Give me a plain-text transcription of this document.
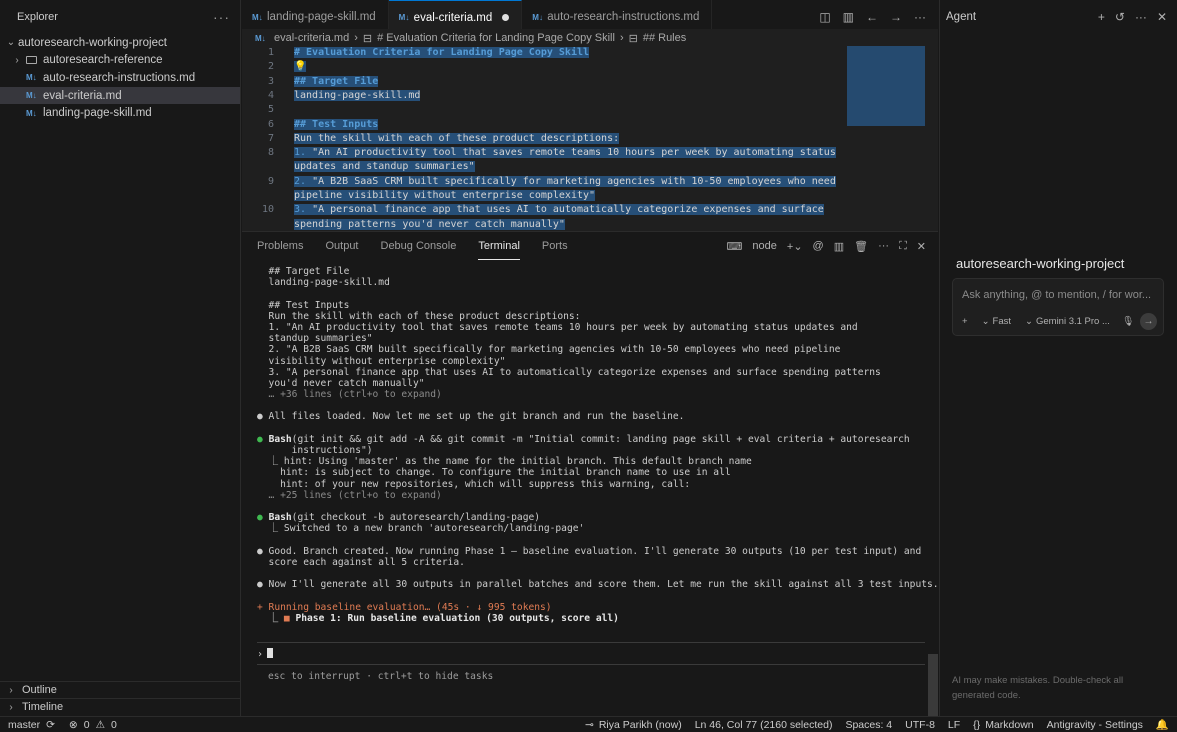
Explorer	···
⌄ autoresearch-working-project
› autoresearch-reference
M↓ auto-research-instructions.md
M↓ eval-criteria.md
M↓ landing-page-skill.md
› Outline
› Timeline
M↓ landing-page-skill.md	M↓ eval-criteria.md	M↓ auto-research-instructions.md	◫ ▥ ← → ···
M↓ eval-criteria.md › ⊟ # Evaluation Criteria for Landing Page Copy Skill › ⊟ ## Rules
1 # Evaluation Criteria for Landing Page Copy Skill
2 💡
3 ## Target File
4 landing-page-skill.md
5
6 ## Test Inputs
7 Run the skill with each of these product descriptions:
8 1. "An AI productivity tool that saves remote teams 10 hours per week by automating status
updates and standup summaries"
9 2. "A B2B SaaS CRM built specifically for marketing agencies with 10-50 employees who need
pipeline visibility without enterprise complexity"
10 3. "A personal finance app that uses AI to automatically categorize expenses and surface
spending patterns you'd never catch manually"
Problems Output Debug Console Terminal Ports	⌨ node +⌄ @ ▥ 🗑 ··· ⛶ ✕
## Target File
landing-page-skill.md
## Test Inputs
Run the skill with each of these product descriptions:
1. "An AI productivity tool that saves remote teams 10 hours per week by automating status updates and
standup summaries"
2. "A B2B SaaS CRM built specifically for marketing agencies with 10-50 employees who need pipeline
visibility without enterprise complexity"
3. "A personal finance app that uses AI to automatically categorize expenses and surface spending patterns
you'd never catch manually"
… +36 lines (ctrl+o to expand)
● All files loaded. Now let me set up the git branch and run the baseline.
● Bash(git init && git add -A && git commit -m "Initial commit: landing page skill + eval criteria + autoresearch
instructions")
⎿ hint: Using 'master' as the name for the initial branch. This default branch name
hint: is subject to change. To configure the initial branch name to use in all
hint: of your new repositories, which will suppress this warning, call:
… +25 lines (ctrl+o to expand)
● Bash(git checkout -b autoresearch/landing-page)
⎿ Switched to a new branch 'autoresearch/landing-page'
● Good. Branch created. Now running Phase 1 — baseline evaluation. I'll generate 30 outputs (10 per test input) and
score each against all 5 criteria.
● Now I'll generate all 30 outputs in parallel batches and score them. Let me run the skill against all 3 test inputs.
+ Running baseline evaluation… (45s · ↓ 995 tokens)
⎿ ■ Phase 1: Run baseline evaluation (30 outputs, score all)
›
esc to interrupt · ctrl+t to hide tasks
Agent	+ ↺ ··· ✕
autoresearch-working-project
Ask anything, @ to mention, / for wor...
+ ⌄ Fast ⌄ Gemini 3.1 Pro ... 🎙 →
AI may make mistakes. Double-check all generated code.
master ⟳ ⊗ 0 ⚠ 0	⊸ Riya Parikh (now) Ln 46, Col 77 (2160 selected) Spaces: 4 UTF-8 LF {} Markdown Antigravity - Settings 🔔
